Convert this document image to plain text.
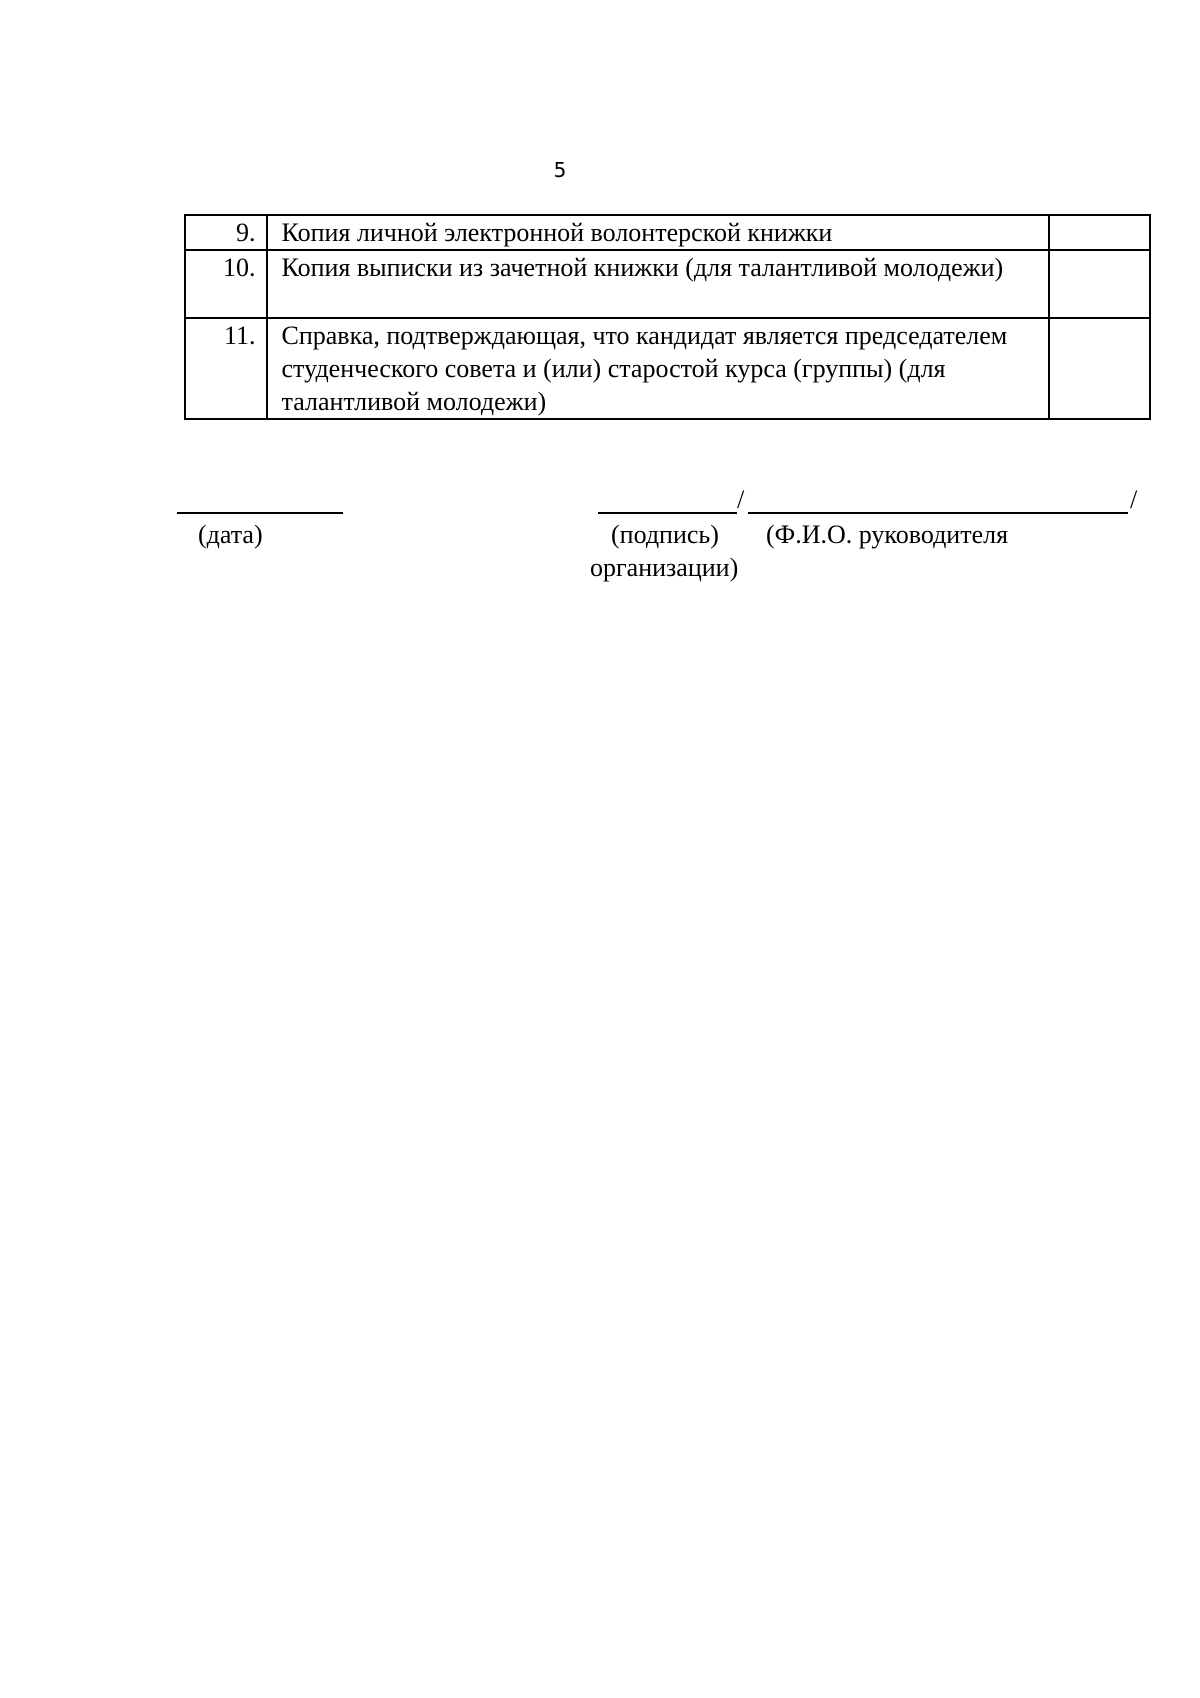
5
9.	Копия личной электронной волонтерской книжки	
10.	Копия выписки из зачетной книжки (для талантливой молодежи)	
11.	Справка, подтверждающая, что кандидат является председателем студенческого совета и (или) старостой курса (группы) (для талантливой молодежи)	
(дата)
/	/
(подпись) (Ф.И.О. руководителя
организации)
